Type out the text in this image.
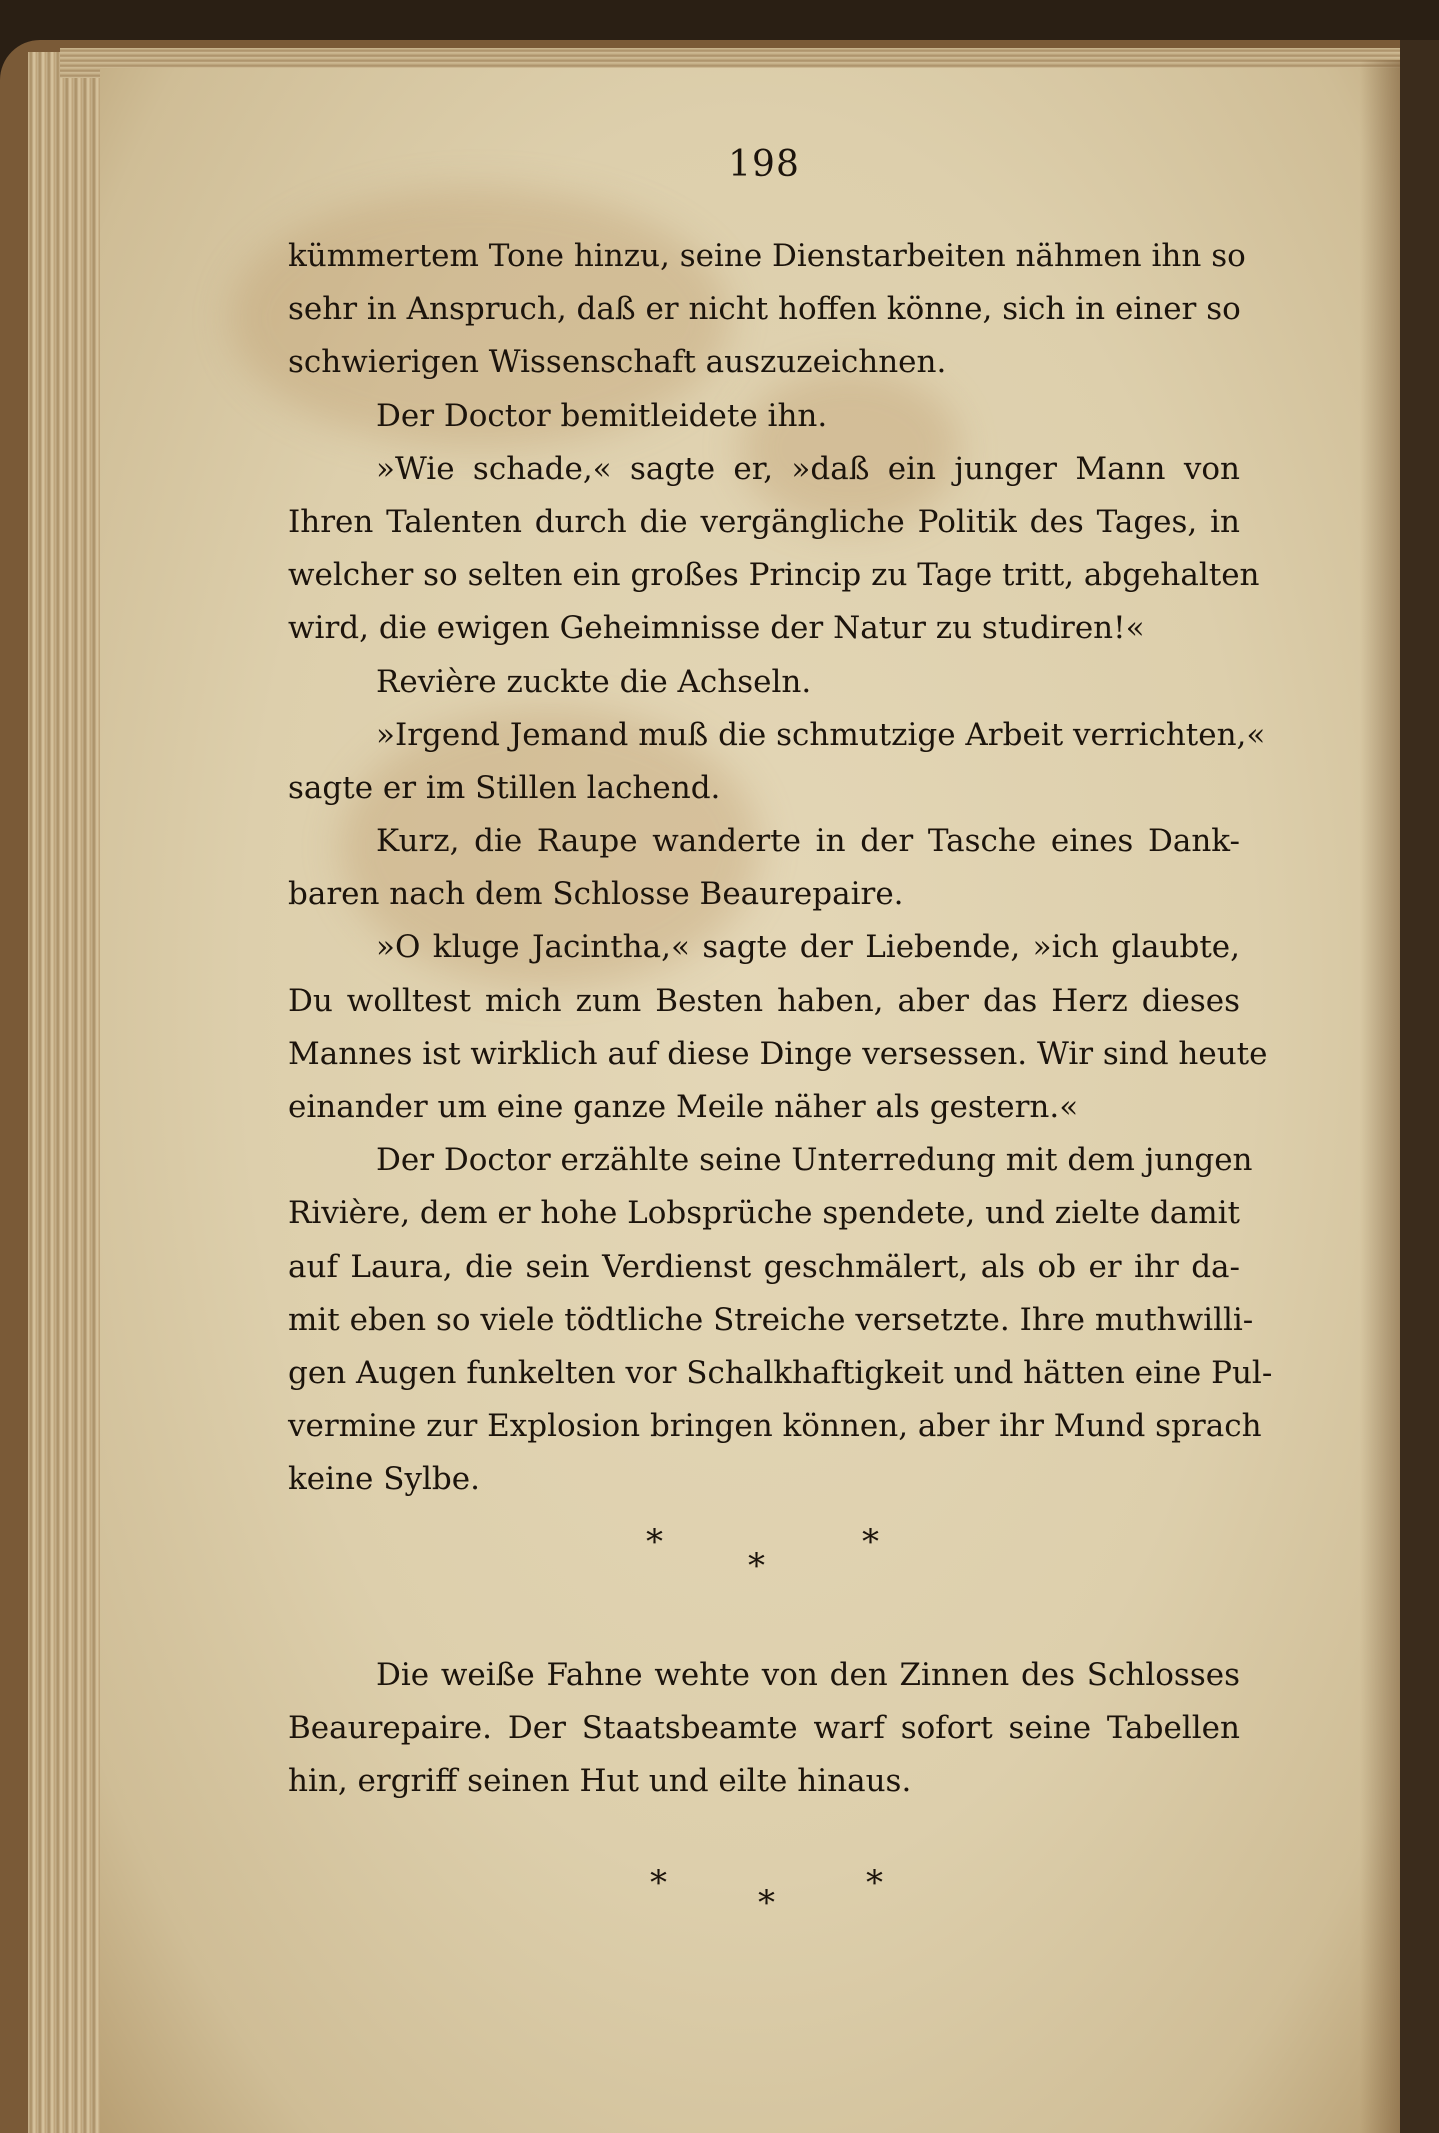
198
kümmertem Tone hinzu, seine Dienstarbeiten nähmen ihn so
sehr in Anspruch, daß er nicht hoffen könne, sich in einer so
schwierigen Wissenschaft auszuzeichnen.
Der Doctor bemitleidete ihn.
»Wie schade,« sagte er, »daß ein junger Mann von
Ihren Talenten durch die vergängliche Politik des Tages, in
welcher so selten ein großes Princip zu Tage tritt, abgehalten
wird, die ewigen Geheimnisse der Natur zu studiren!«
Revière zuckte die Achseln.
»Irgend Jemand muß die schmutzige Arbeit verrichten,«
sagte er im Stillen lachend.
Kurz, die Raupe wanderte in der Tasche eines Dank-
baren nach dem Schlosse Beaurepaire.
»O kluge Jacintha,« sagte der Liebende, »ich glaubte,
Du wolltest mich zum Besten haben, aber das Herz dieses
Mannes ist wirklich auf diese Dinge versessen. Wir sind heute
einander um eine ganze Meile näher als gestern.«
Der Doctor erzählte seine Unterredung mit dem jungen
Rivière, dem er hohe Lobsprüche spendete, und zielte damit
auf Laura, die sein Verdienst geschmälert, als ob er ihr da-
mit eben so viele tödtliche Streiche versetzte. Ihre muthwilli-
gen Augen funkelten vor Schalkhaftigkeit und hätten eine Pul-
vermine zur Explosion bringen können, aber ihr Mund sprach
keine Sylbe.
*
*
*
Die weiße Fahne wehte von den Zinnen des Schlosses
Beaurepaire. Der Staatsbeamte warf sofort seine Tabellen
hin, ergriff seinen Hut und eilte hinaus.
*	*	*
